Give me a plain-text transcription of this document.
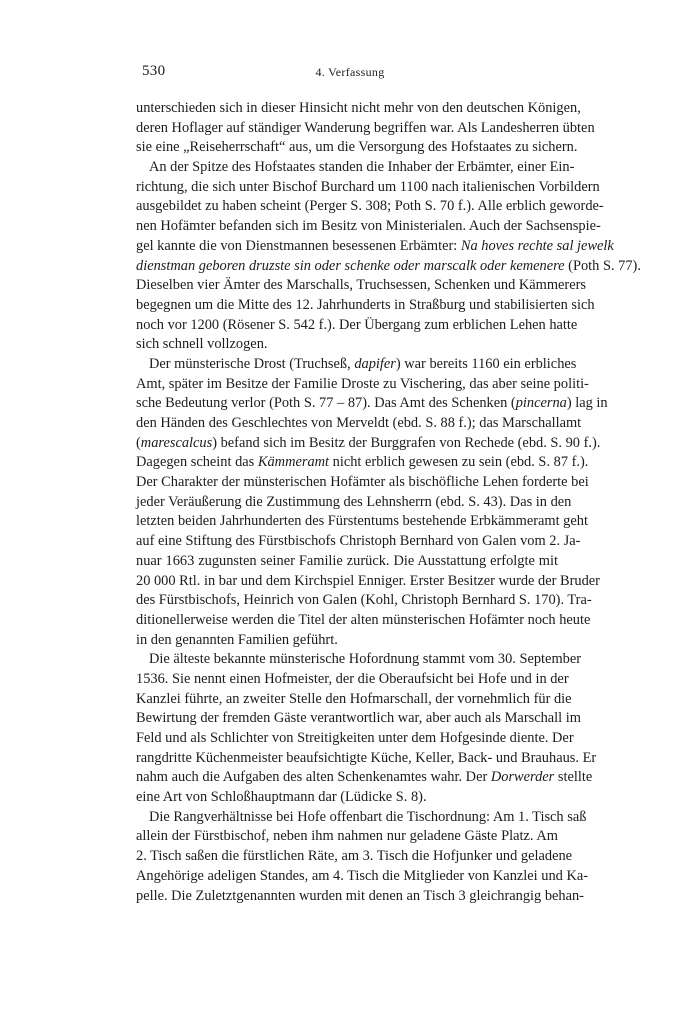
530	4. Verfassung
unterschieden sich in dieser Hinsicht nicht mehr von den deutschen Königen,
deren Hoflager auf ständiger Wanderung begriffen war. Als Landesherren übten
sie eine „Reiseherrschaft“ aus, um die Versorgung des Hofstaates zu sichern.
An der Spitze des Hofstaates standen die Inhaber der Erbämter, einer Ein-
richtung, die sich unter Bischof Burchard um 1100 nach italienischen Vorbildern
ausgebildet zu haben scheint (Perger S. 308; Poth S. 70 f.). Alle erblich geworde-
nen Hofämter befanden sich im Besitz von Ministerialen. Auch der Sachsenspie-
gel kannte die von Dienstmannen besessenen Erbämter: Na hoves rechte sal jewelk
dienstman geboren druzste sin oder schenke oder marscalk oder kemenere (Poth S. 77).
Dieselben vier Ämter des Marschalls, Truchsessen, Schenken und Kämmerers
begegnen um die Mitte des 12. Jahrhunderts in Straßburg und stabilisierten sich
noch vor 1200 (Rösener S. 542 f.). Der Übergang zum erblichen Lehen hatte
sich schnell vollzogen.
Der münsterische Drost (Truchseß, dapifer) war bereits 1160 ein erbliches
Amt, später im Besitze der Familie Droste zu Vischering, das aber seine politi-
sche Bedeutung verlor (Poth S. 77 – 87). Das Amt des Schenken (pincerna) lag in
den Händen des Geschlechtes von Merveldt (ebd. S. 88 f.); das Marschallamt
(marescalcus) befand sich im Besitz der Burggrafen von Rechede (ebd. S. 90 f.).
Dagegen scheint das Kämmeramt nicht erblich gewesen zu sein (ebd. S. 87 f.).
Der Charakter der münsterischen Hofämter als bischöfliche Lehen forderte bei
jeder Veräußerung die Zustimmung des Lehnsherrn (ebd. S. 43). Das in den
letzten beiden Jahrhunderten des Fürstentums bestehende Erbkämmeramt geht
auf eine Stiftung des Fürstbischofs Christoph Bernhard von Galen vom 2. Ja-
nuar 1663 zugunsten seiner Familie zurück. Die Ausstattung erfolgte mit
20 000 Rtl. in bar und dem Kirchspiel Enniger. Erster Besitzer wurde der Bruder
des Fürstbischofs, Heinrich von Galen (Kohl, Christoph Bernhard S. 170). Tra-
ditionellerweise werden die Titel der alten münsterischen Hofämter noch heute
in den genannten Familien geführt.
Die älteste bekannte münsterische Hofordnung stammt vom 30. September
1536. Sie nennt einen Hofmeister, der die Oberaufsicht bei Hofe und in der
Kanzlei führte, an zweiter Stelle den Hofmarschall, der vornehmlich für die
Bewirtung der fremden Gäste verantwortlich war, aber auch als Marschall im
Feld und als Schlichter von Streitigkeiten unter dem Hofgesinde diente. Der
rangdritte Küchenmeister beaufsichtigte Küche, Keller, Back- und Brauhaus. Er
nahm auch die Aufgaben des alten Schenkenamtes wahr. Der Dorwerder stellte
eine Art von Schloßhauptmann dar (Lüdicke S. 8).
Die Rangverhältnisse bei Hofe offenbart die Tischordnung: Am 1. Tisch saß
allein der Fürstbischof, neben ihm nahmen nur geladene Gäste Platz. Am
2. Tisch saßen die fürstlichen Räte, am 3. Tisch die Hofjunker und geladene
Angehörige adeligen Standes, am 4. Tisch die Mitglieder von Kanzlei und Ka-
pelle. Die Zuletztgenannten wurden mit denen an Tisch 3 gleichrangig behan-
